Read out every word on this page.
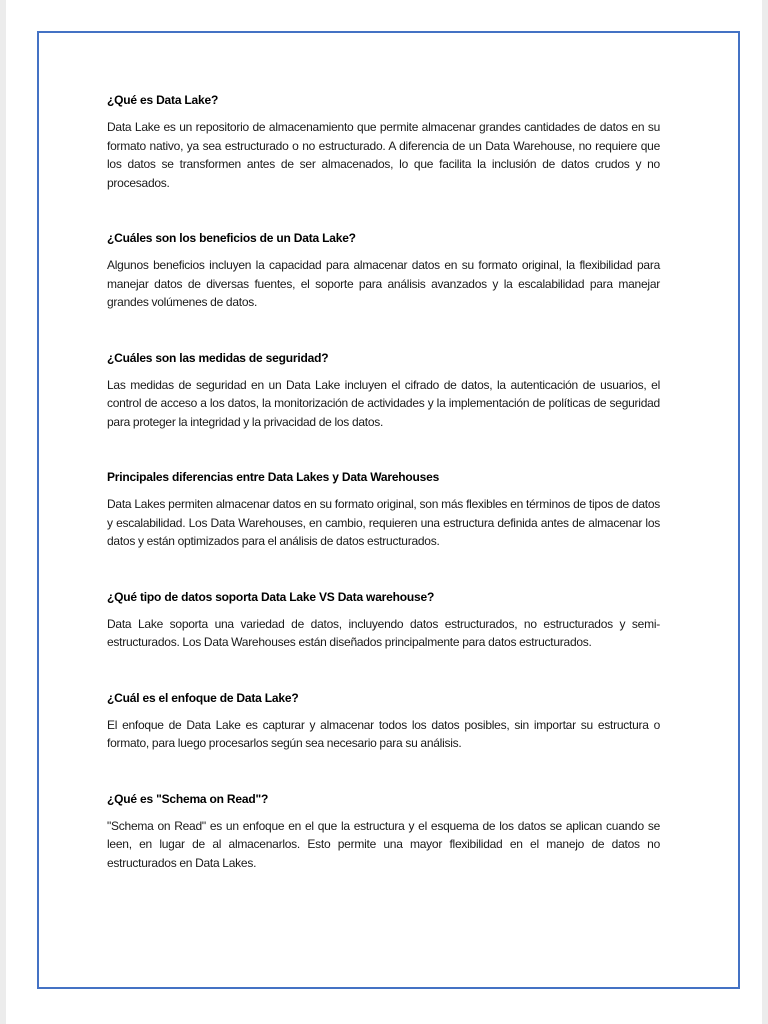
¿Qué es Data Lake?

Data Lake es un repositorio de almacenamiento que permite almacenar grandes cantidades de datos en su formato nativo, ya sea estructurado o no estructurado. A diferencia de un Data Warehouse, no requiere que los datos se transformen antes de ser almacenados, lo que facilita la inclusión de datos crudos y no procesados.

¿Cuáles son los beneficios de un Data Lake?

Algunos beneficios incluyen la capacidad para almacenar datos en su formato original, la flexibilidad para manejar datos de diversas fuentes, el soporte para análisis avanzados y la escalabilidad para manejar grandes volúmenes de datos.

¿Cuáles son las medidas de seguridad?

Las medidas de seguridad en un Data Lake incluyen el cifrado de datos, la autenticación de usuarios, el control de acceso a los datos, la monitorización de actividades y la implementación de políticas de seguridad para proteger la integridad y la privacidad de los datos.

Principales diferencias entre Data Lakes y Data Warehouses

Data Lakes permiten almacenar datos en su formato original, son más flexibles en términos de tipos de datos y escalabilidad. Los Data Warehouses, en cambio, requieren una estructura definida antes de almacenar los datos y están optimizados para el análisis de datos estructurados.

¿Qué tipo de datos soporta Data Lake VS Data warehouse?

Data Lake soporta una variedad de datos, incluyendo datos estructurados, no estructurados y semi-estructurados. Los Data Warehouses están diseñados principalmente para datos estructurados.

¿Cuál es el enfoque de Data Lake?

El enfoque de Data Lake es capturar y almacenar todos los datos posibles, sin importar su estructura o formato, para luego procesarlos según sea necesario para su análisis.

¿Qué es "Schema on Read"?

"Schema on Read" es un enfoque en el que la estructura y el esquema de los datos se aplican cuando se leen, en lugar de al almacenarlos. Esto permite una mayor flexibilidad en el manejo de datos no estructurados en Data Lakes.
